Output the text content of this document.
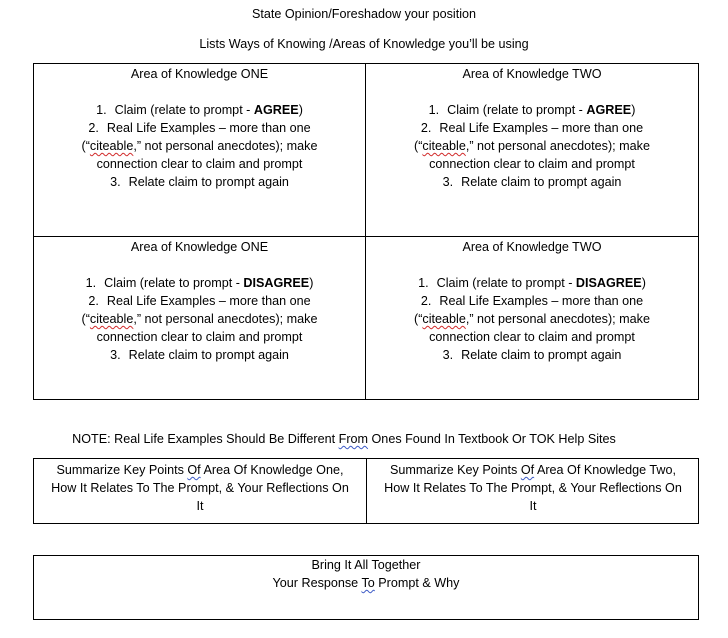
State Opinion/Foreshadow your position
Lists Ways of Knowing /Areas of Knowledge you’ll be using
Area of Knowledge ONE
1. Claim (relate to prompt - AGREE)
2. Real Life Examples – more than one
(“citeable,” not personal anecdotes); make
connection clear to claim and prompt
3. Relate claim to prompt again
Area of Knowledge TWO
1. Claim (relate to prompt - AGREE)
2. Real Life Examples – more than one
(“citeable,” not personal anecdotes); make
connection clear to claim and prompt
3. Relate claim to prompt again
Area of Knowledge ONE
1. Claim (relate to prompt - DISAGREE)
2. Real Life Examples – more than one
(“citeable,” not personal anecdotes); make
connection clear to claim and prompt
3. Relate claim to prompt again
Area of Knowledge TWO
1. Claim (relate to prompt - DISAGREE)
2. Real Life Examples – more than one
(“citeable,” not personal anecdotes); make
connection clear to claim and prompt
3. Relate claim to prompt again
NOTE: Real Life Examples Should Be Different From Ones Found In Textbook Or TOK Help Sites
Summarize Key Points Of Area Of Knowledge One,
How It Relates To The Prompt, & Your Reflections On
It
Summarize Key Points Of Area Of Knowledge Two,
How It Relates To The Prompt, & Your Reflections On
It
Bring It All Together
Your Response To Prompt & Why
